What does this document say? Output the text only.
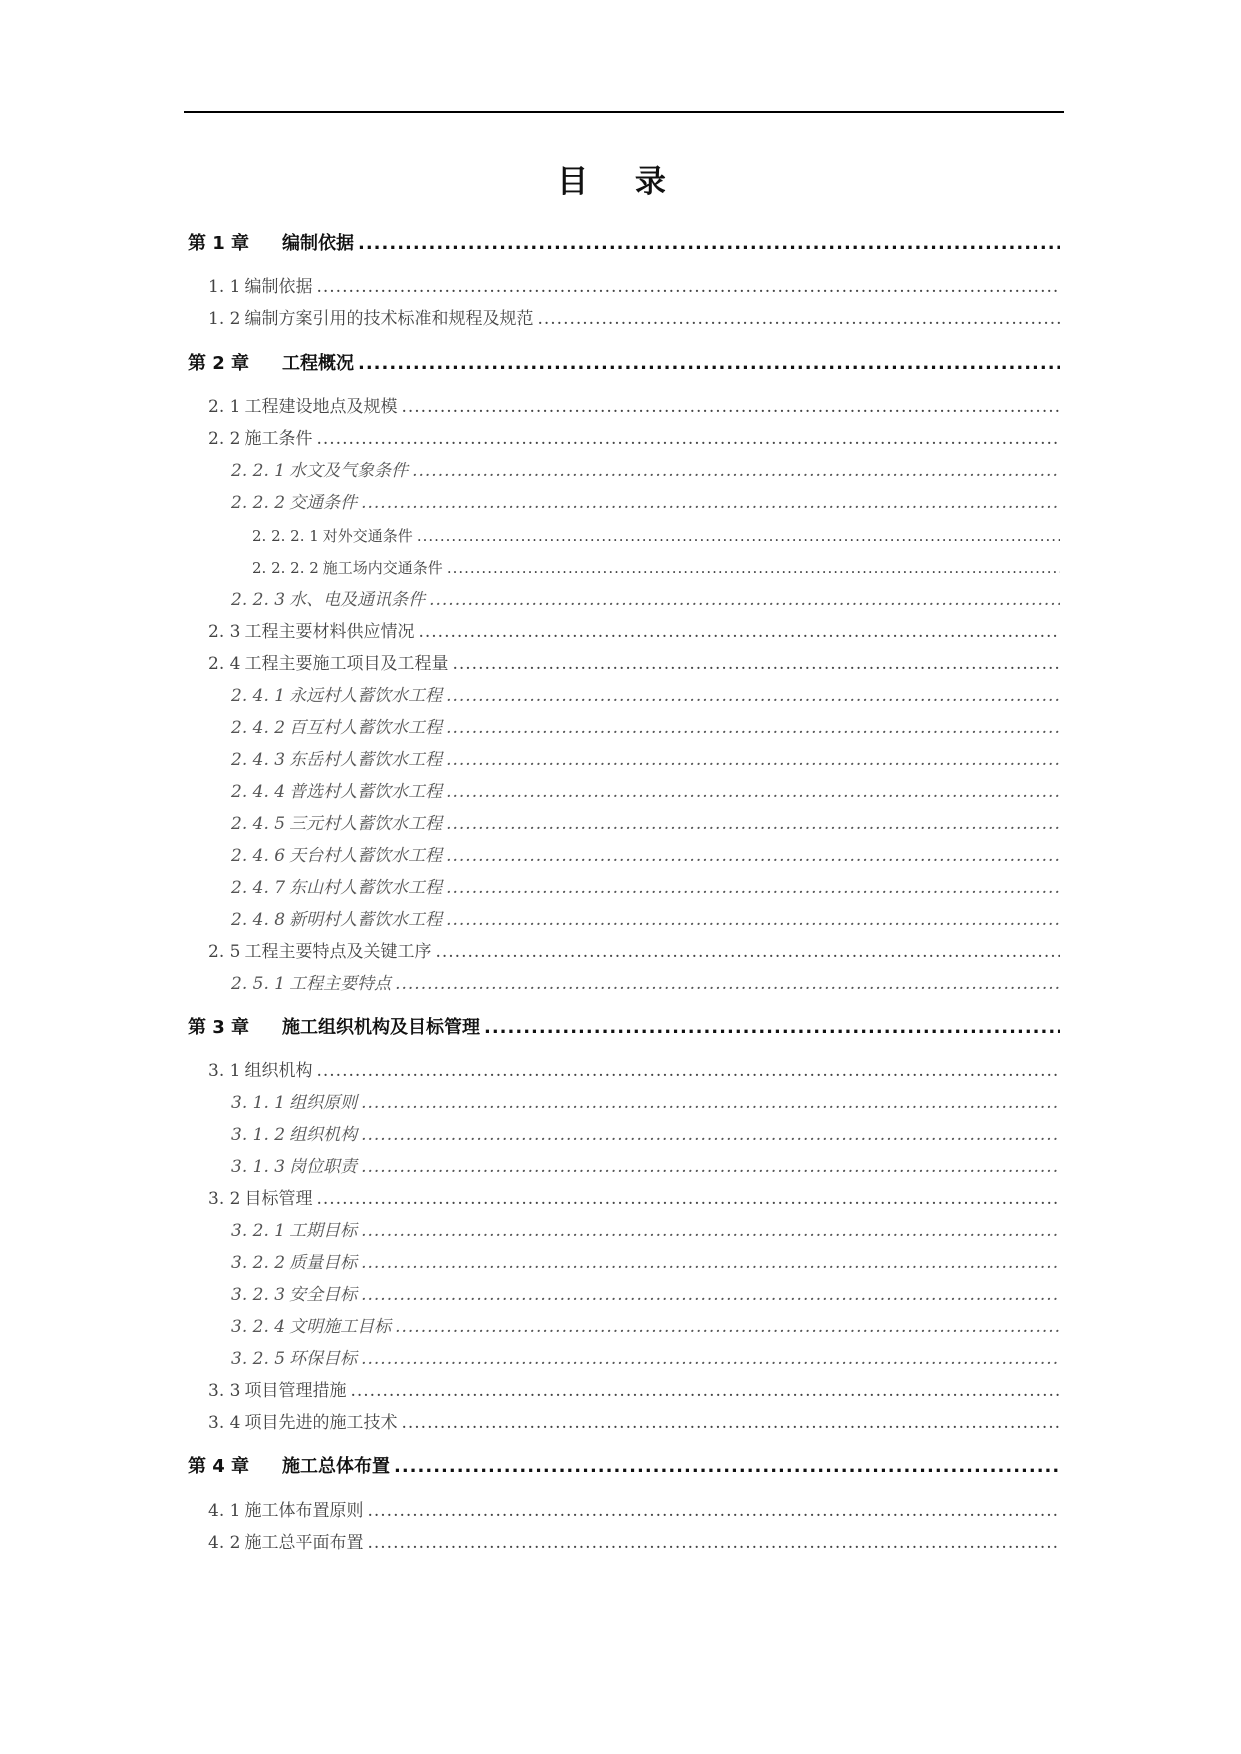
目 录
第 1 章 编制依据
.....
1. 1 编制依据
.....
1. 2 编制方案引用的技术标准和规程及规范
.....
第 2 章 工程概况
.....
2. 1 工程建设地点及规模
.....
2. 2 施工条件
.....
2. 2. 1 水文及气象条件
.....
2. 2. 2 交通条件
.....
2. 2. 2. 1 对外交通条件
.....
2. 2. 2. 2 施工场内交通条件
.....
2. 2. 3 水、电及通讯条件
.....
2. 3 工程主要材料供应情况
.....
2. 4 工程主要施工项目及工程量
.....
2. 4. 1 永远村人蓄饮水工程
.....
2. 4. 2 百互村人蓄饮水工程
.....
2. 4. 3 东岳村人蓄饮水工程
.....
2. 4. 4 普选村人蓄饮水工程
.....
2. 4. 5 三元村人蓄饮水工程
.....
2. 4. 6 天台村人蓄饮水工程
.....
2. 4. 7 东山村人蓄饮水工程
.....
2. 4. 8 新明村人蓄饮水工程
.....
2. 5 工程主要特点及关键工序
.....
2. 5. 1 工程主要特点
.....
第 3 章 施工组织机构及目标管理
.....
3. 1 组织机构
.....
3. 1. 1 组织原则
.....
3. 1. 2 组织机构
.....
3. 1. 3 岗位职责
.....
3. 2 目标管理
.....
3. 2. 1 工期目标
.....
3. 2. 2 质量目标
.....
3. 2. 3 安全目标
.....
3. 2. 4 文明施工目标
.....
3. 2. 5 环保目标
.....
3. 3 项目管理措施
.....
3. 4 项目先进的施工技术
.....
第 4 章 施工总体布置
.....
4. 1 施工体布置原则
.....
4. 2 施工总平面布置
.....
